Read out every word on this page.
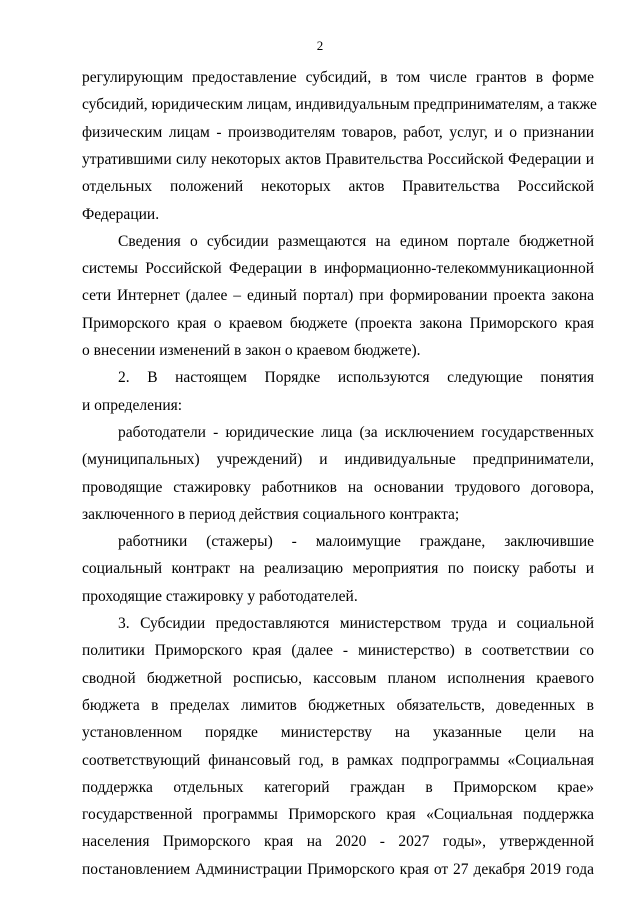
2
регулирующим предоставление субсидий, в том числе грантов в форме
субсидий, юридическим лицам, индивидуальным предпринимателям, а также
физическим лицам - производителям товаров, работ, услуг, и о признании
утратившими силу некоторых актов Правительства Российской Федерации и
отдельных положений некоторых актов Правительства Российской
Федерации.
Сведения о субсидии размещаются на едином портале бюджетной
системы Российской Федерации в информационно-телекоммуникационной
сети Интернет (далее – единый портал) при формировании проекта закона
Приморского края о краевом бюджете (проекта закона Приморского края
о внесении изменений в закон о краевом бюджете).
2. В настоящем Порядке используются следующие понятия
и определения:
работодатели - юридические лица (за исключением государственных
(муниципальных) учреждений) и индивидуальные предприниматели,
проводящие стажировку работников на основании трудового договора,
заключенного в период действия социального контракта;
работники (стажеры) - малоимущие граждане, заключившие
социальный контракт на реализацию мероприятия по поиску работы и
проходящие стажировку у работодателей.
3. Субсидии предоставляются министерством труда и социальной
политики Приморского края (далее - министерство) в соответствии со
сводной бюджетной росписью, кассовым планом исполнения краевого
бюджета в пределах лимитов бюджетных обязательств, доведенных в
установленном порядке министерству на указанные цели на
соответствующий финансовый год, в рамках подпрограммы «Социальная
поддержка отдельных категорий граждан в Приморском крае»
государственной программы Приморского края «Социальная поддержка
населения Приморского края на 2020 - 2027 годы», утвержденной
постановлением Администрации Приморского края от 27 декабря 2019 года
